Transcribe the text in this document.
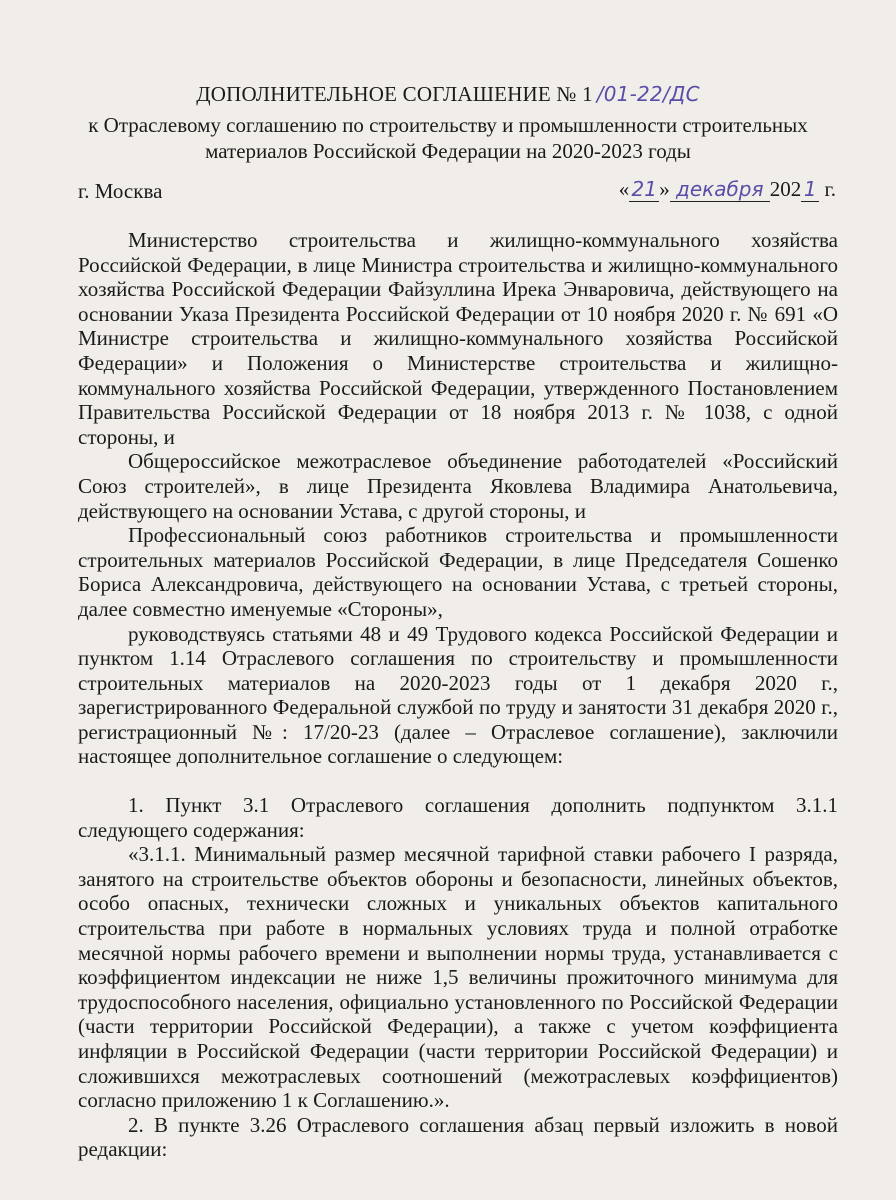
ДОПОЛНИТЕЛЬНОЕ СОГЛАШЕНИЕ № 1 /01-22/ДС
к Отраслевому соглашению по строительству и промышленности строительных материалов Российской Федерации на 2020-2023 годы
г. Москва	« 21 » декабря 202 1 г.

Министерство строительства и жилищно-коммунального хозяйства Российской Федерации, в лице Министра строительства и жилищно-коммунального хозяйства Российской Федерации Файзуллина Ирека Энваровича, действующего на основании Указа Президента Российской Федерации от 10 ноября 2020 г. № 691 «О Министре строительства и жилищно-коммунального хозяйства Российской Федерации» и Положения о Министерстве строительства и жилищно-коммунального хозяйства Российской Федерации, утвержденного Постановлением Правительства Российской Федерации от 18 ноября 2013 г. № 1038, с одной стороны, и

Общероссийское межотраслевое объединение работодателей «Российский Союз строителей», в лице Президента Яковлева Владимира Анатольевича, действующего на основании Устава, с другой стороны, и

Профессиональный союз работников строительства и промышленности строительных материалов Российской Федерации, в лице Председателя Сошенко Бориса Александровича, действующего на основании Устава, с третьей стороны, далее совместно именуемые «Стороны»,

руководствуясь статьями 48 и 49 Трудового кодекса Российской Федерации и пунктом 1.14 Отраслевого соглашения по строительству и промышленности строительных материалов на 2020-2023 годы от 1 декабря 2020 г., зарегистрированного Федеральной службой по труду и занятости 31 декабря 2020 г., регистрационный №: 17/20-23 (далее – Отраслевое соглашение), заключили настоящее дополнительное соглашение о следующем:

1. Пункт 3.1 Отраслевого соглашения дополнить подпунктом 3.1.1 следующего содержания:

«3.1.1. Минимальный размер месячной тарифной ставки рабочего I разряда, занятого на строительстве объектов обороны и безопасности, линейных объектов, особо опасных, технически сложных и уникальных объектов капитального строительства при работе в нормальных условиях труда и полной отработке месячной нормы рабочего времени и выполнении нормы труда, устанавливается с коэффициентом индексации не ниже 1,5 величины прожиточного минимума для трудоспособного населения, официально установленного по Российской Федерации (части территории Российской Федерации), а также с учетом коэффициента инфляции в Российской Федерации (части территории Российской Федерации) и сложившихся межотраслевых соотношений (межотраслевых коэффициентов) согласно приложению 1 к Соглашению.».

2. В пункте 3.26 Отраслевого соглашения абзац первый изложить в новой редакции:
